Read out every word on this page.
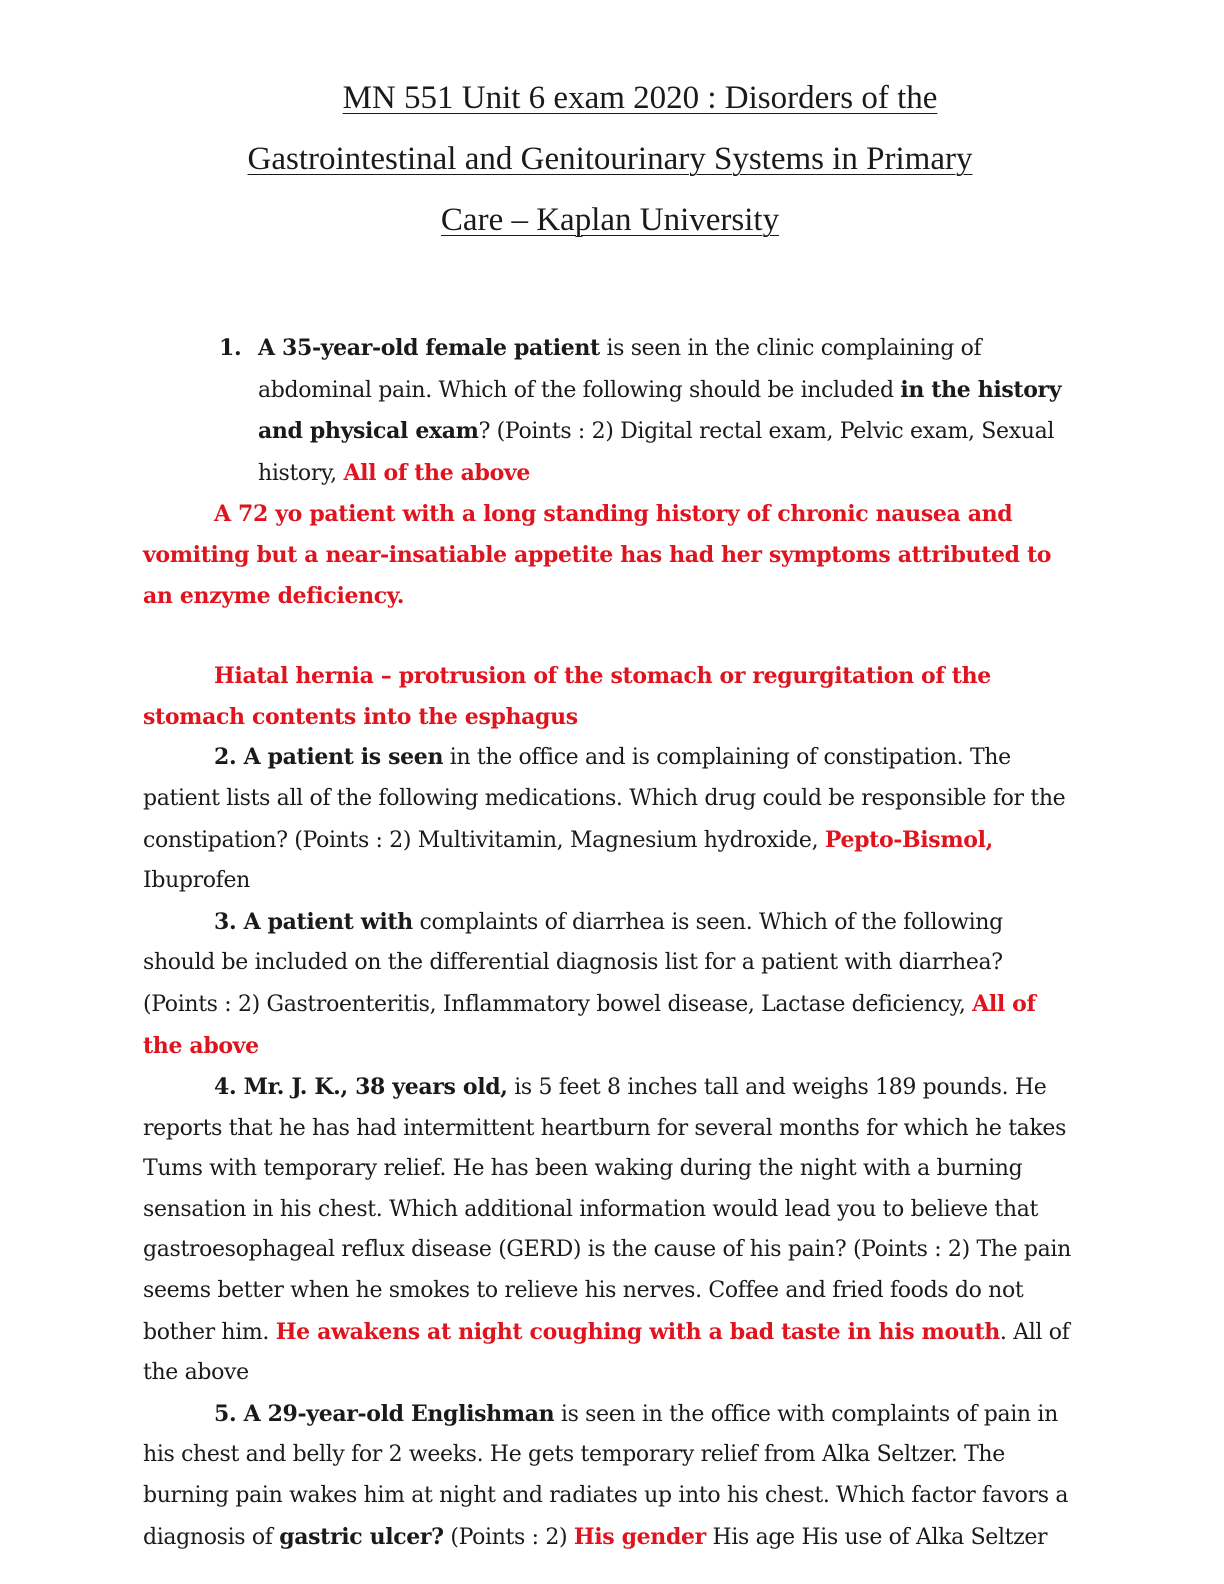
MN 551 Unit 6 exam 2020 : Disorders of the
Gastrointestinal and Genitourinary Systems in Primary
Care – Kaplan University

1. A 35-year-old female patient is seen in the clinic complaining of abdominal pain. Which of the following should be included in the history and physical exam? (Points : 2) Digital rectal exam, Pelvic exam, Sexual history, All of the above

A 72 yo patient with a long standing history of chronic nausea and vomiting but a near-insatiable appetite has had her symptoms attributed to an enzyme deficiency.

Hiatal hernia – protrusion of the stomach or regurgitation of the stomach contents into the esphagus

2. A patient is seen in the office and is complaining of constipation. The patient lists all of the following medications. Which drug could be responsible for the constipation? (Points : 2) Multivitamin, Magnesium hydroxide, Pepto-Bismol, Ibuprofen

3. A patient with complaints of diarrhea is seen. Which of the following should be included on the differential diagnosis list for a patient with diarrhea? (Points : 2) Gastroenteritis, Inflammatory bowel disease, Lactase deficiency, All of the above

4. Mr. J. K., 38 years old, is 5 feet 8 inches tall and weighs 189 pounds. He reports that he has had intermittent heartburn for several months for which he takes Tums with temporary relief. He has been waking during the night with a burning sensation in his chest. Which additional information would lead you to believe that gastroesophageal reflux disease (GERD) is the cause of his pain? (Points : 2) The pain seems better when he smokes to relieve his nerves. Coffee and fried foods do not bother him. He awakens at night coughing with a bad taste in his mouth. All of the above

5. A 29-year-old Englishman is seen in the office with complaints of pain in his chest and belly for 2 weeks. He gets temporary relief from Alka Seltzer. The burning pain wakes him at night and radiates up into his chest. Which factor favors a diagnosis of gastric ulcer? (Points : 2) His gender His age His use of Alka Seltzer
